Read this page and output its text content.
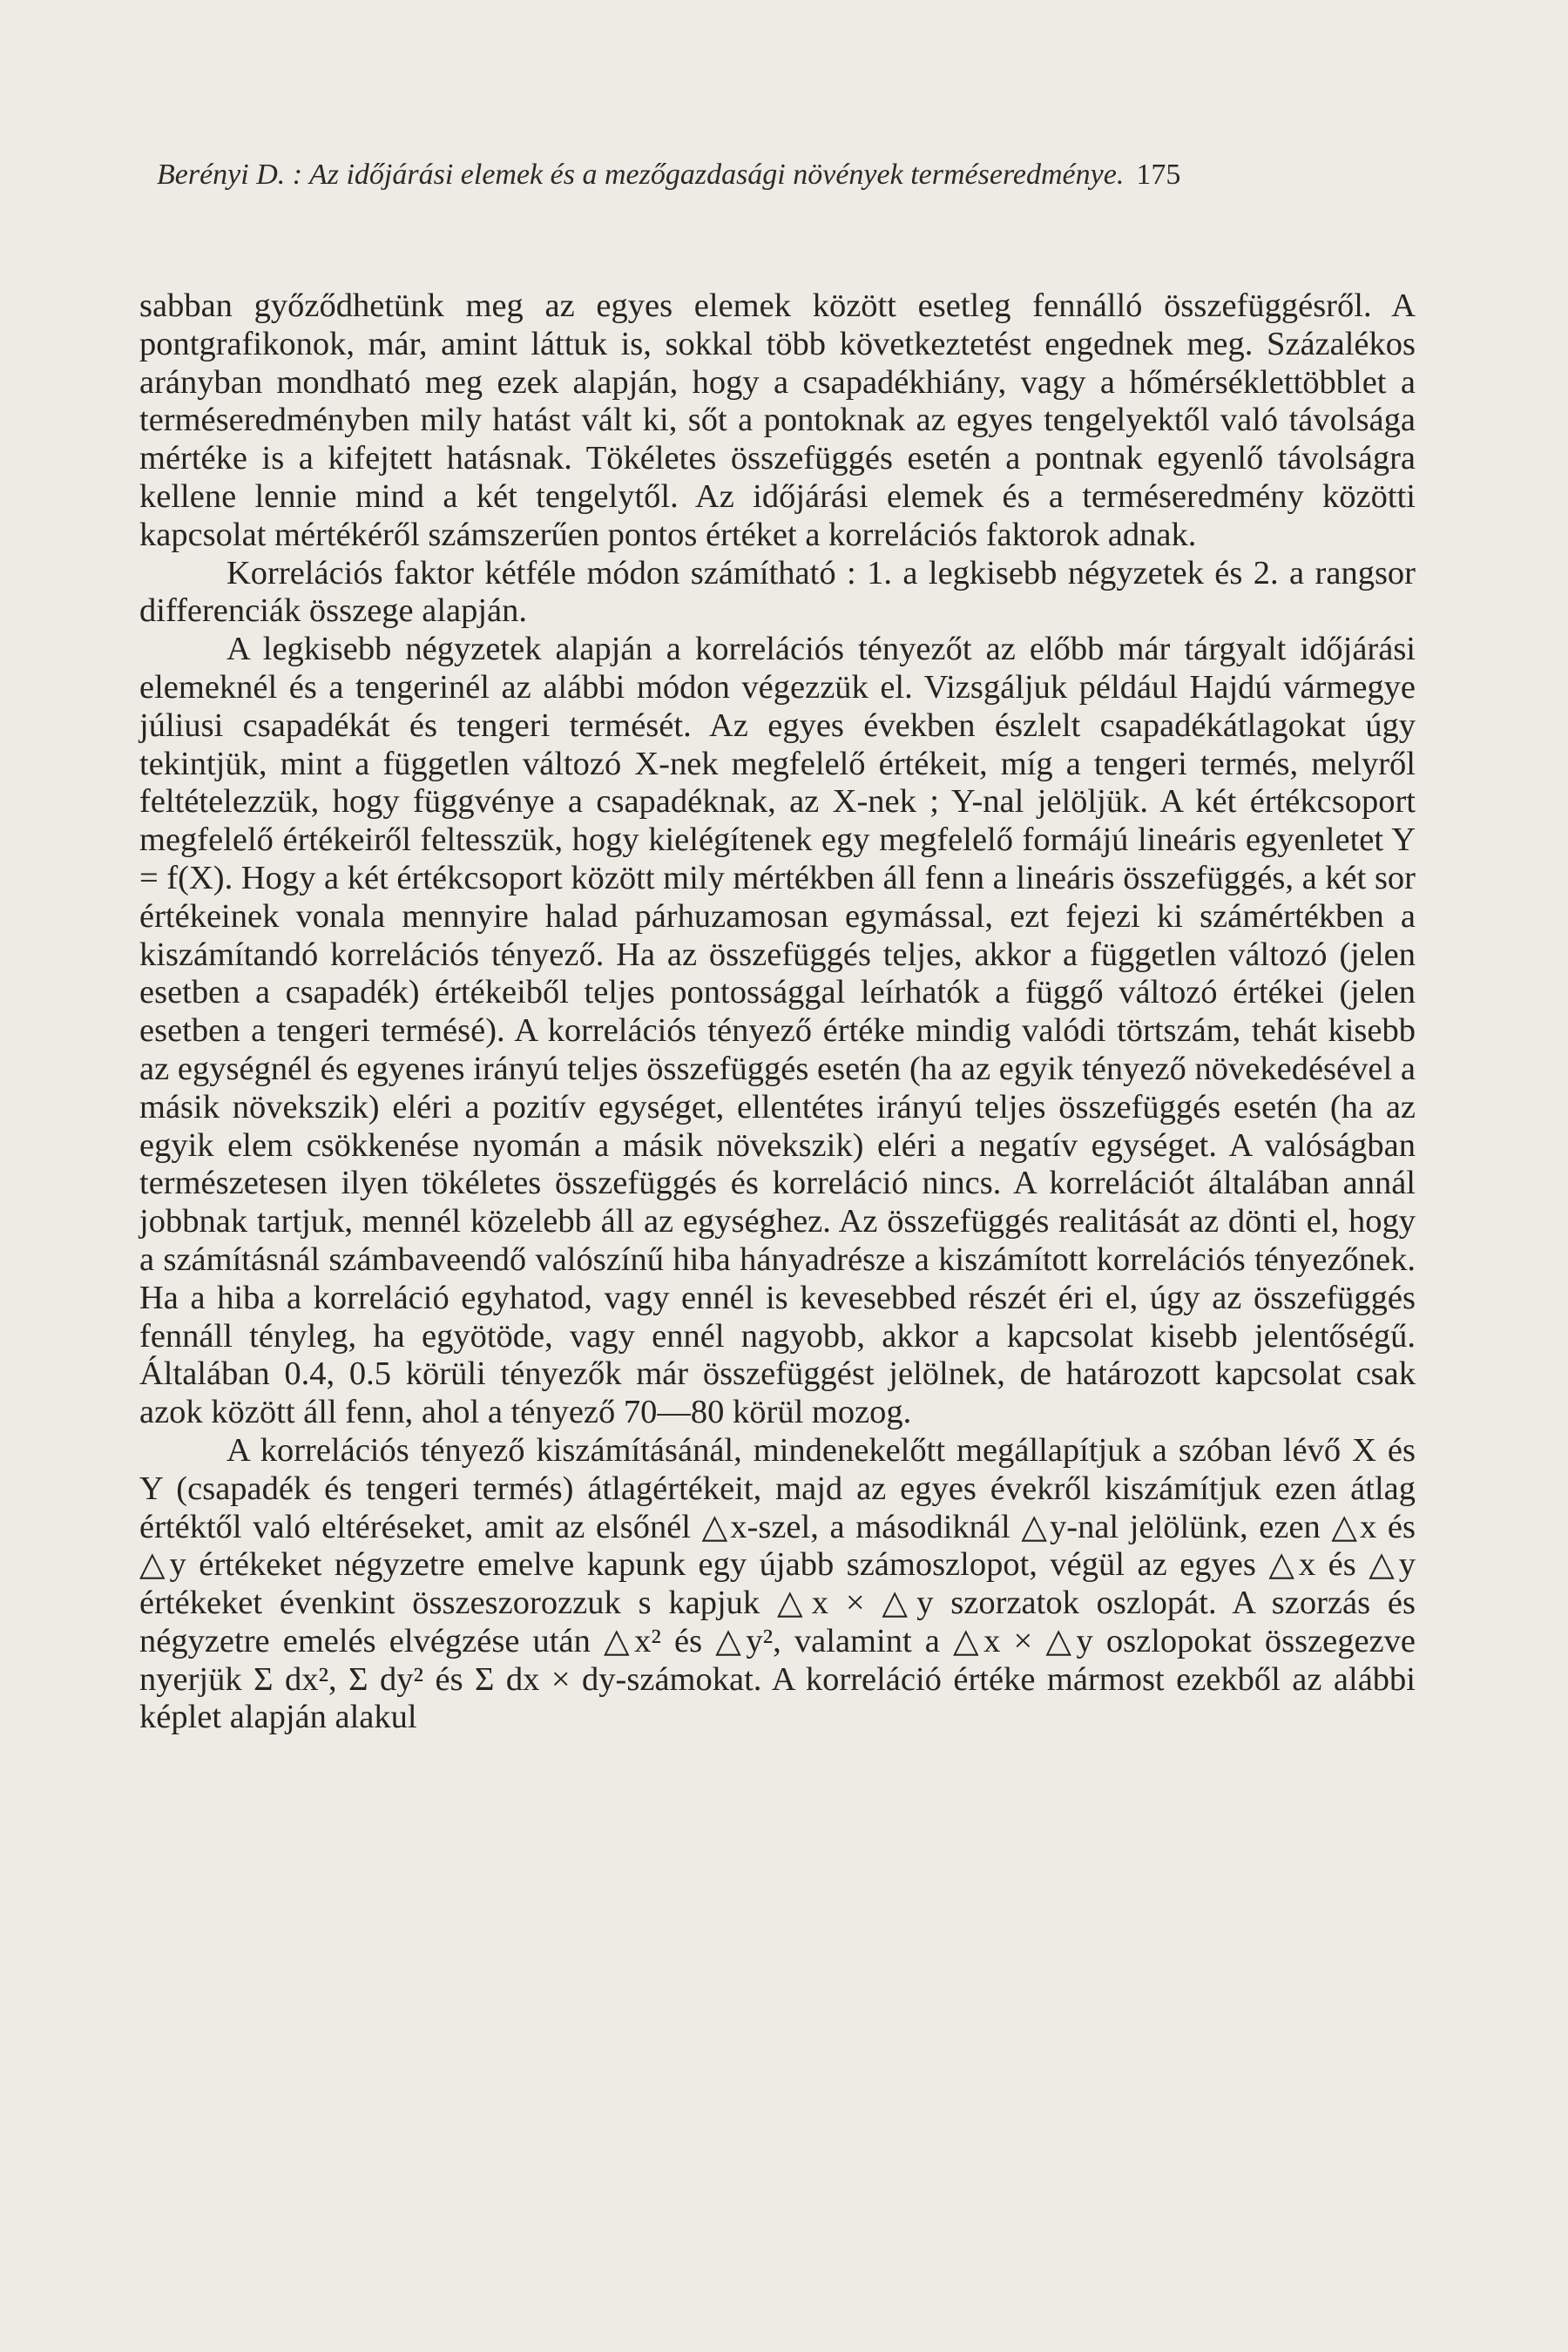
Berényi D. : Az időjárási elemek és a mezőgazdasági növények terméseredménye. 175

sabban győződhetünk meg az egyes elemek között esetleg fennálló összefüggésről. A pontgrafikonok, már, amint láttuk is, sokkal több következtetést engednek meg. Százalékos arányban mondható meg ezek alapján, hogy a csapadékhiány, vagy a hőmérséklettöbblet a terméseredményben mily hatást vált ki, sőt a pontoknak az egyes tengelyektől való távolsága mértéke is a kifejtett hatásnak. Tökéletes összefüggés esetén a pontnak egyenlő távolságra kellene lennie mind a két tengelytől. Az időjárási elemek és a terméseredmény közötti kapcsolat mértékéről számszerűen pontos értéket a korrelációs faktorok adnak.

Korrelációs faktor kétféle módon számítható : 1. a legkisebb négyzetek és 2. a rangsor differenciák összege alapján.

A legkisebb négyzetek alapján a korrelációs tényezőt az előbb már tárgyalt időjárási elemeknél és a tengerinél az alábbi módon végezzük el. Vizsgáljuk például Hajdú vármegye júliusi csapadékát és tengeri termését. Az egyes években észlelt csapadékátlagokat úgy tekintjük, mint a független változó X-nek megfelelő értékeit, míg a tengeri termés, melyről feltételezzük, hogy függvénye a csapadéknak, az X-nek ; Y-nal jelöljük. A két értékcsoport megfelelő értékeiről feltesszük, hogy kielégítenek egy megfelelő formájú lineáris egyenletet Y = f(X). Hogy a két értékcsoport között mily mértékben áll fenn a lineáris összefüggés, a két sor értékeinek vonala mennyire halad párhuzamosan egymással, ezt fejezi ki számértékben a kiszámítandó korrelációs tényező. Ha az összefüggés teljes, akkor a független változó (jelen esetben a csapadék) értékeiből teljes pontossággal leírhatók a függő változó értékei (jelen esetben a tengeri termésé). A korrelációs tényező értéke mindig valódi törtszám, tehát kisebb az egységnél és egyenes irányú teljes összefüggés esetén (ha az egyik tényező növekedésével a másik növekszik) eléri a pozitív egységet, ellentétes irányú teljes összefüggés esetén (ha az egyik elem csökkenése nyomán a másik növekszik) eléri a negatív egységet. A valóságban természetesen ilyen tökéletes összefüggés és korreláció nincs. A korrelációt általában annál jobbnak tartjuk, mennél közelebb áll az egységhez. Az összefüggés realitását az dönti el, hogy a számításnál számbaveendő valószínű hiba hányadrésze a kiszámított korrelációs tényezőnek. Ha a hiba a korreláció egyhatod, vagy ennél is kevesebbed részét éri el, úgy az összefüggés fennáll tényleg, ha egyötöde, vagy ennél nagyobb, akkor a kapcsolat kisebb jelentőségű. Általában 0.4, 0.5 körüli tényezők már összefüggést jelölnek, de határozott kapcsolat csak azok között áll fenn, ahol a tényező 70—80 körül mozog.

A korrelációs tényező kiszámításánál, mindenekelőtt megállapítjuk a szóban lévő X és Y (csapadék és tengeri termés) átlagértékeit, majd az egyes évekről kiszámítjuk ezen átlag értéktől való eltéréseket, amit az elsőnél △x-szel, a másodiknál △y-nal jelölünk, ezen △x és △y értékeket négyzetre emelve kapunk egy újabb számoszlopot, végül az egyes △x és △y értékeket évenkint összeszorozzuk s kapjuk △x × △y szorzatok oszlopát. A szorzás és négyzetre emelés elvégzése után △x² és △y², valamint a △x × △y oszlopokat összegezve nyerjük Σ dx², Σ dy² és Σ dx × dy-számokat. A korreláció értéke mármost ezekből az alábbi képlet alapján alakul
